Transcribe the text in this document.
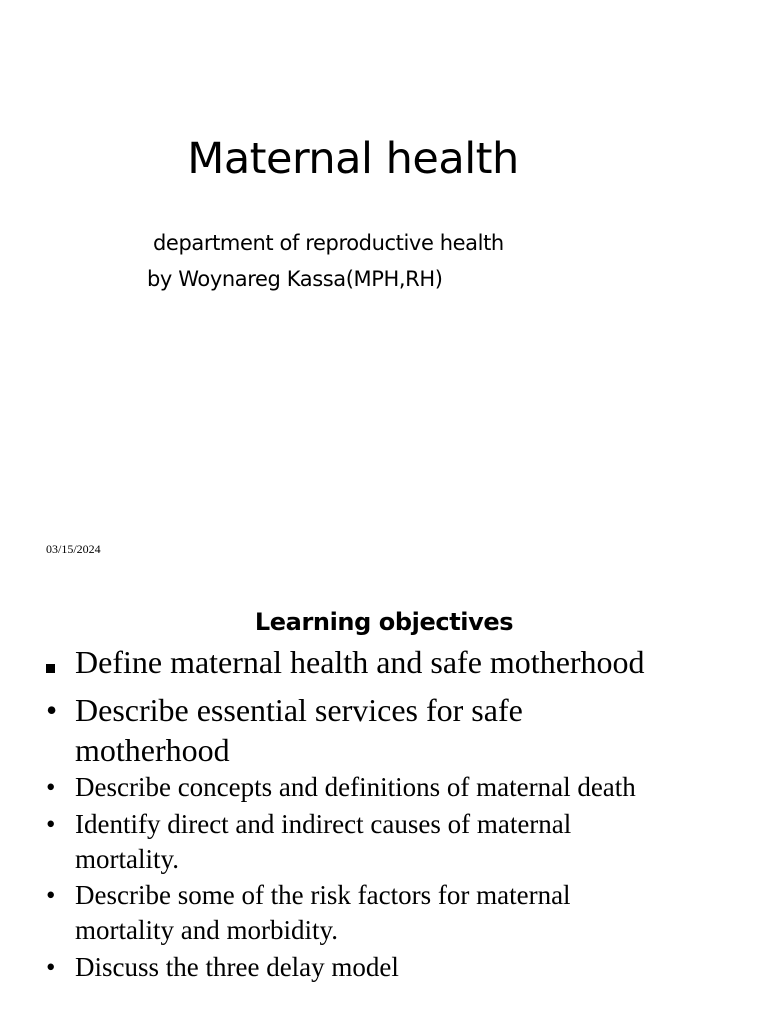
Maternal health
department of reproductive health
by Woynareg Kassa(MPH,RH)
03/15/2024
Learning objectives
Define maternal health and safe motherhood
• Describe essential services for safe motherhood
• Describe concepts and definitions of maternal death
• Identify direct and indirect causes of maternal mortality.
• Describe some of the risk factors for maternal mortality and morbidity.
• Discuss the three delay model
